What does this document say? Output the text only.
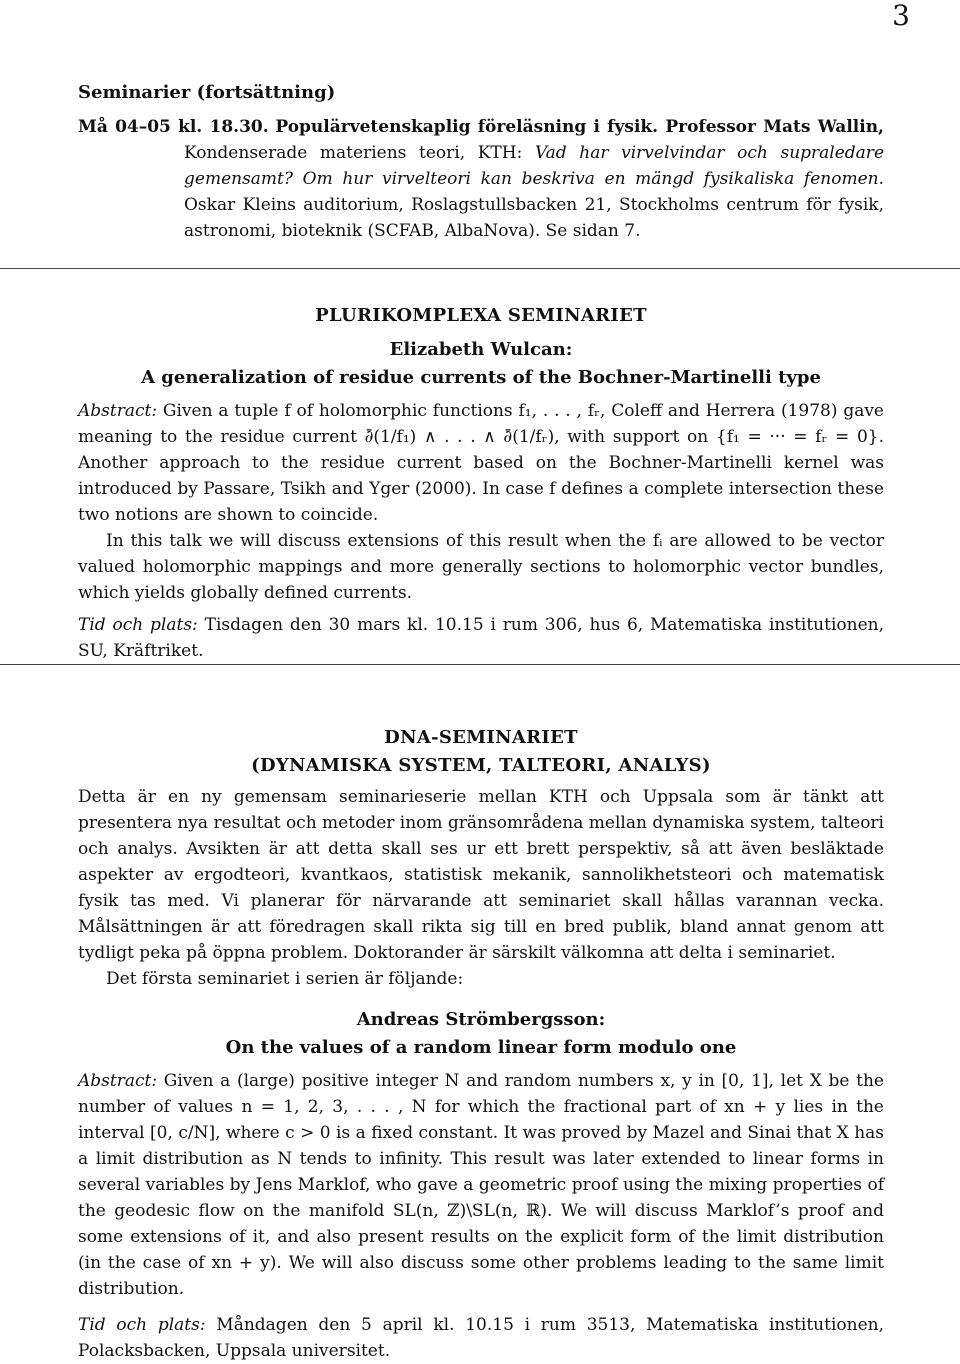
3
Seminarier (fortsättning)

Må 04–05 kl. 18.30. Populärvetenskaplig föreläsning i fysik. Professor Mats Wallin, Kondenserade materiens teori, KTH: Vad har virvelvindar och supraledare gemensamt? Om hur virvelteori kan beskriva en mängd fysikaliska fenomen. Oskar Kleins auditorium, Roslagstullsbacken 21, Stockholms centrum för fysik, astronomi, bioteknik (SCFAB, AlbaNova). Se sidan 7.

PLURIKOMPLEXA SEMINARIET
Elizabeth Wulcan:
A generalization of residue currents of the Bochner-Martinelli type

Abstract: Given a tuple f of holomorphic functions f₁, . . . , fᵣ, Coleff and Herrera (1978) gave meaning to the residue current ∂̄(1/f₁) ∧ . . . ∧ ∂̄(1/fᵣ), with support on {f₁ = ··· = fᵣ = 0}. Another approach to the residue current based on the Bochner-Martinelli kernel was introduced by Passare, Tsikh and Yger (2000). In case f defines a complete intersection these two notions are shown to coincide.

In this talk we will discuss extensions of this result when the fᵢ are allowed to be vector valued holomorphic mappings and more generally sections to holomorphic vector bundles, which yields globally defined currents.

Tid och plats: Tisdagen den 30 mars kl. 10.15 i rum 306, hus 6, Matematiska institutionen, SU, Kräftriket.

DNA-SEMINARIET
(DYNAMISKA SYSTEM, TALTEORI, ANALYS)

Detta är en ny gemensam seminarieserie mellan KTH och Uppsala som är tänkt att presentera nya resultat och metoder inom gränsområdena mellan dynamiska system, talteori och analys. Avsikten är att detta skall ses ur ett brett perspektiv, så att även besläktade aspekter av ergodteori, kvantkaos, statistisk mekanik, sannolikhetsteori och matematisk fysik tas med. Vi planerar för närvarande att seminariet skall hållas varannan vecka. Målsättningen är att föredragen skall rikta sig till en bred publik, bland annat genom att tydligt peka på öppna problem. Doktorander är särskilt välkomna att delta i seminariet.

Det första seminariet i serien är följande:

Andreas Strömbergsson:
On the values of a random linear form modulo one

Abstract: Given a (large) positive integer N and random numbers x, y in [0, 1], let X be the number of values n = 1, 2, 3, . . . , N for which the fractional part of xn + y lies in the interval [0, c/N], where c > 0 is a fixed constant. It was proved by Mazel and Sinai that X has a limit distribution as N tends to infinity. This result was later extended to linear forms in several variables by Jens Marklof, who gave a geometric proof using the mixing properties of the geodesic flow on the manifold SL(n, ℤ)\SL(n, ℝ). We will discuss Marklof’s proof and some extensions of it, and also present results on the explicit form of the limit distribution (in the case of xn + y). We will also discuss some other problems leading to the same limit distribution.

Tid och plats: Måndagen den 5 april kl. 10.15 i rum 3513, Matematiska institutionen, Polacksbacken, Uppsala universitet.
